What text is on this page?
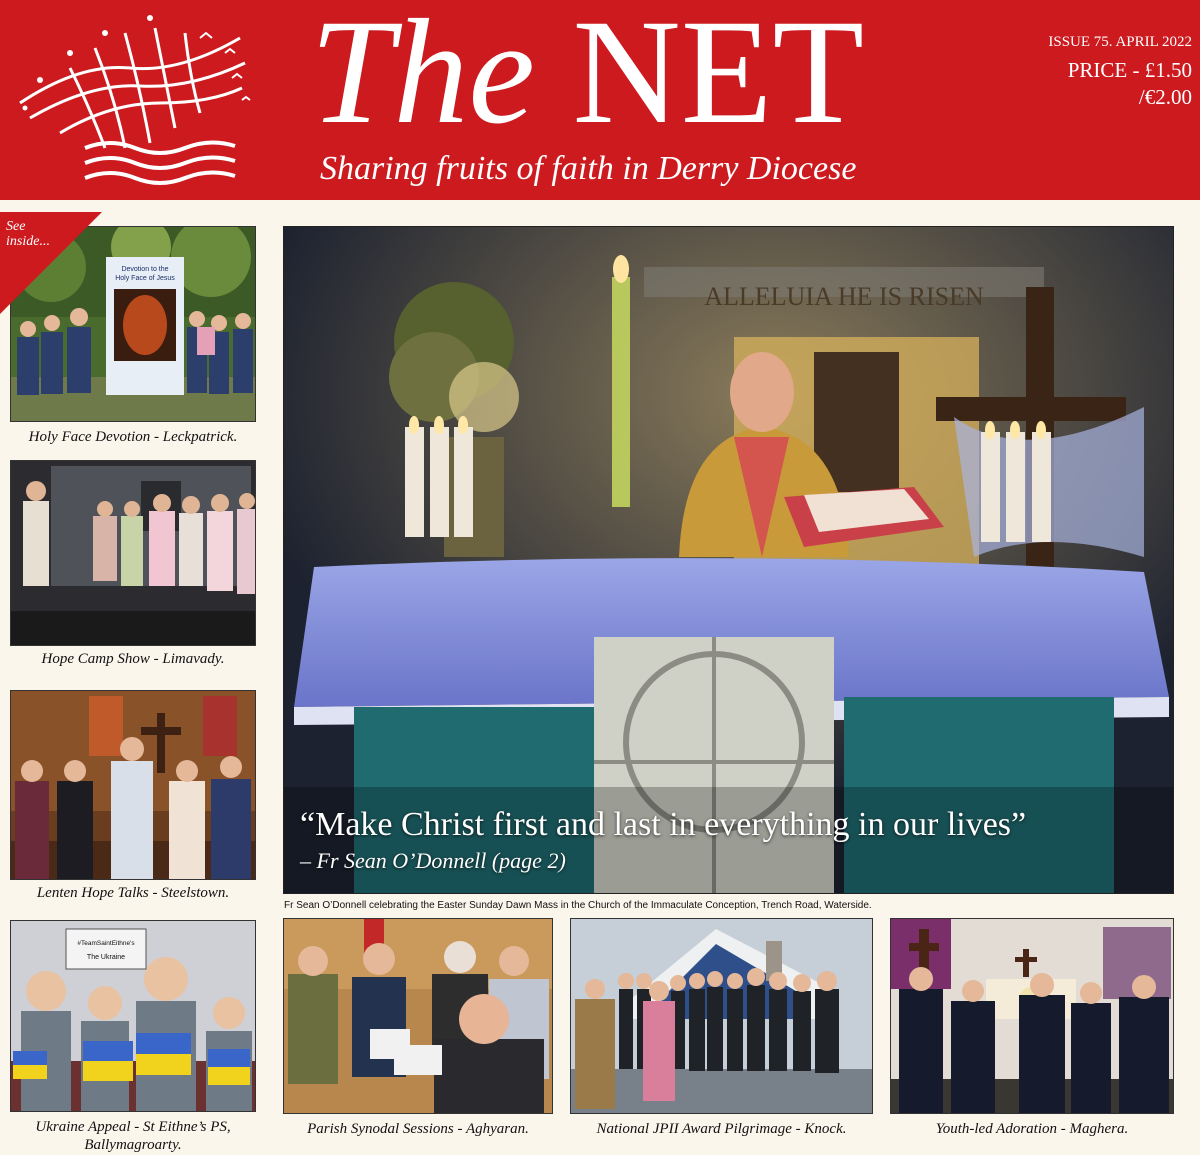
The NET
Sharing fruits of faith in Derry Diocese
ISSUE 75. APRIL 2022
PRICE - £1.50
/€2.00
Devotion to the
Holy Face of Jesus
See
inside...
Holy Face Devotion - Leckpatrick.
Hope Camp Show - Limavady.
Lenten Hope Talks - Steelstown.
#TeamSaintEithne's
The Ukraine
Ukraine Appeal - St Eithne’s PS,
Ballymagroarty.
ALLELUIA HE IS RISEN
“Make Christ first and last in everything in our lives”
– Fr Sean O’Donnell (page 2)
Fr Sean O’Donnell celebrating the Easter Sunday Dawn Mass in the Church of the Immaculate Conception, Trench Road, Waterside.
Parish Synodal Sessions - Aghyaran.	National JPII Award Pilgrimage - Knock.	Youth-led Adoration - Maghera.
